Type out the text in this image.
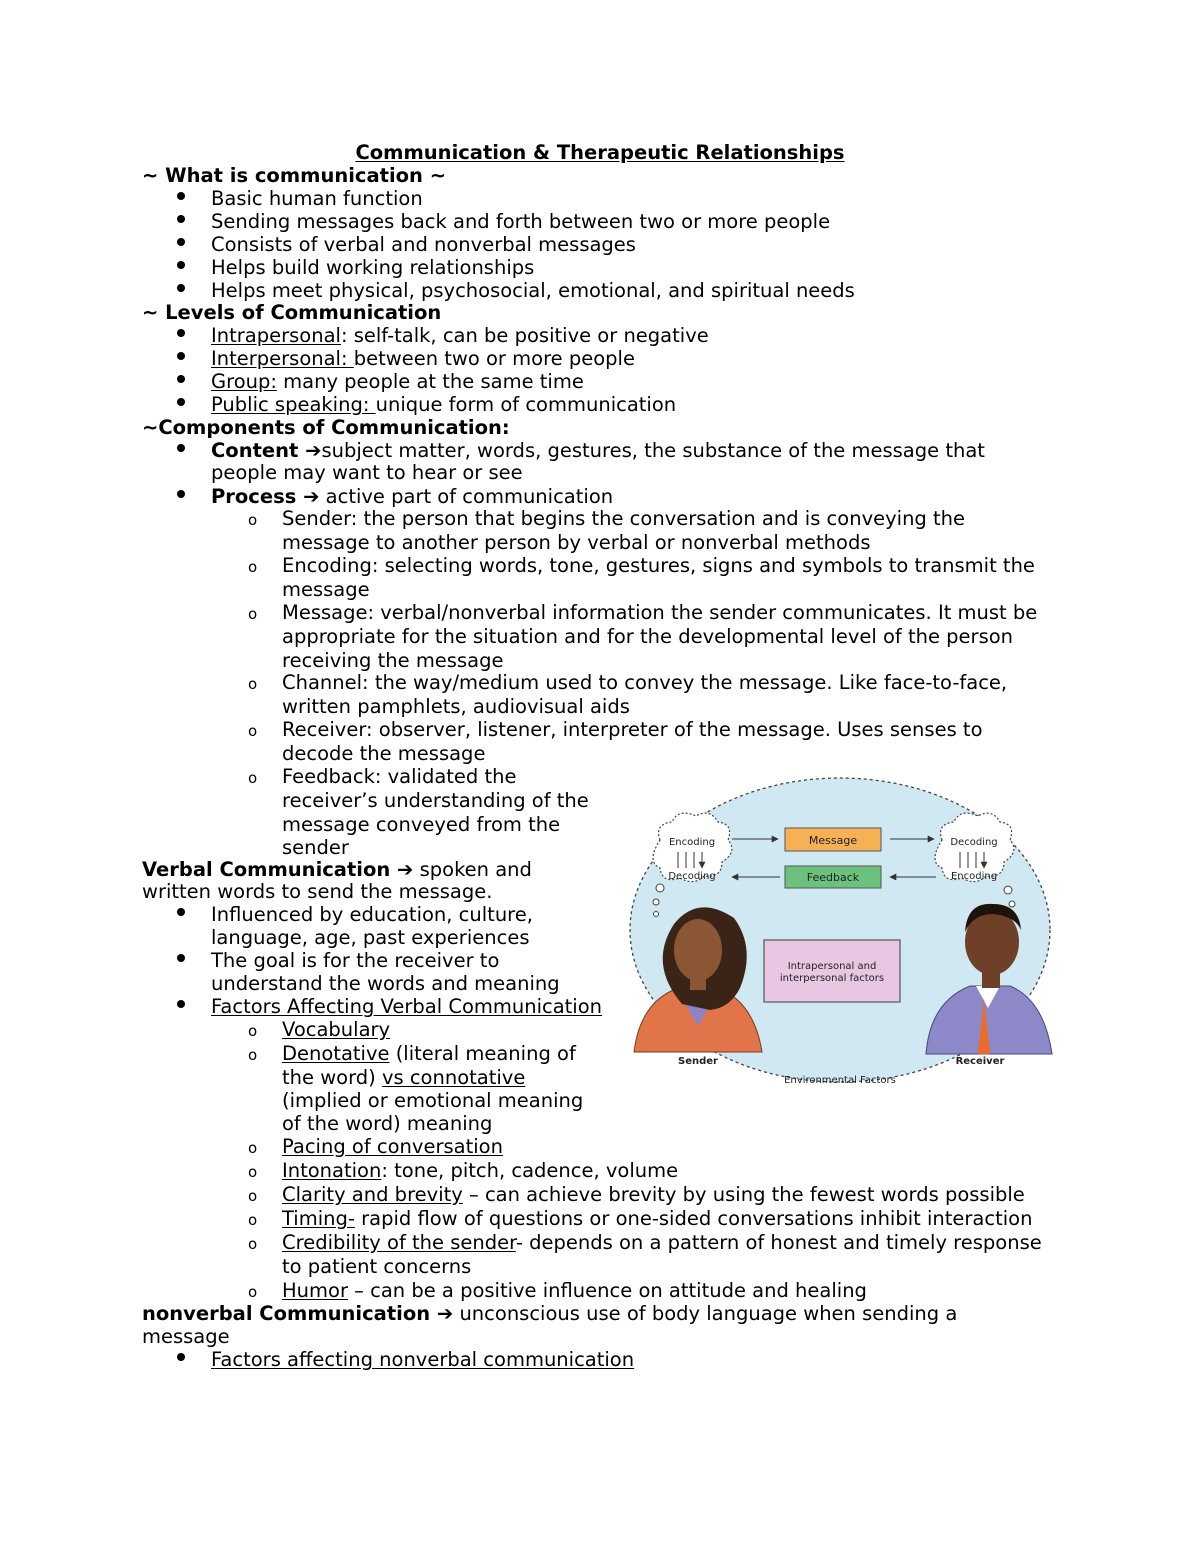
Communication & Therapeutic Relationships
~ What is communication ~
Basic human function
Sending messages back and forth between two or more people
Consists of verbal and nonverbal messages
Helps build working relationships
Helps meet physical, psychosocial, emotional, and spiritual needs
~ Levels of Communication
Intrapersonal: self-talk, can be positive or negative
Interpersonal: between two or more people
Group: many people at the same time
Public speaking: unique form of communication
~Components of Communication:
Content ➔subject matter, words, gestures, the substance of the message that
people may want to hear or see
Process ➔ active part of communication
o Sender: the person that begins the conversation and is conveying the
message to another person by verbal or nonverbal methods
o Encoding: selecting words, tone, gestures, signs and symbols to transmit the
message
o Message: verbal/nonverbal information the sender communicates. It must be
appropriate for the situation and for the developmental level of the person
receiving the message
o Channel: the way/medium used to convey the message. Like face-to-face,
written pamphlets, audiovisual aids
o Receiver: observer, listener, interpreter of the message. Uses senses to
decode the message
o Feedback: validated the
receiver’s understanding of the
message conveyed from the
sender
Verbal Communication ➔ spoken and
written words to send the message.
Influenced by education, culture,
language, age, past experiences
The goal is for the receiver to
understand the words and meaning
Factors Affecting Verbal Communication
o Vocabulary
o Denotative (literal meaning of
the word) vs connotative
(implied or emotional meaning
of the word) meaning
o Pacing of conversation
o Intonation: tone, pitch, cadence, volume
o Clarity and brevity – can achieve brevity by using the fewest words possible
o Timing- rapid flow of questions or one-sided conversations inhibit interaction
o Credibility of the sender- depends on a pattern of honest and timely response
to patient concerns
o Humor – can be a positive influence on attitude and healing
nonverbal Communication ➔ unconscious use of body language when sending a
message
Factors affecting nonverbal communication
Encoding
Decoding
Decoding
Encoding
Message
Feedback
Intrapersonal and
interpersonal factors
Sender	Receiver
Environmental Factors
